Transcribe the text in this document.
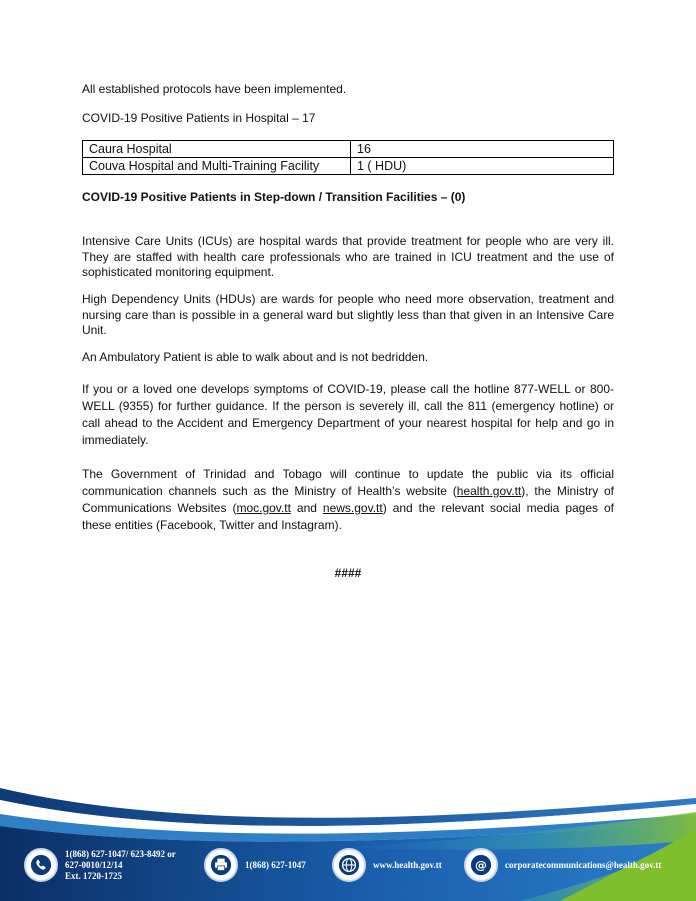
All established protocols have been implemented.

COVID-19 Positive Patients in Hospital – 17

Caura Hospital	16
Couva Hospital and Multi-Training Facility	1 ( HDU)

COVID-19 Positive Patients in Step-down / Transition Facilities – (0)

Intensive Care Units (ICUs) are hospital wards that provide treatment for people who are very ill. They are staffed with health care professionals who are trained in ICU treatment and the use of sophisticated monitoring equipment.

High Dependency Units (HDUs) are wards for people who need more observation, treatment and nursing care than is possible in a general ward but slightly less than that given in an Intensive Care Unit.

An Ambulatory Patient is able to walk about and is not bedridden.

If you or a loved one develops symptoms of COVID-19, please call the hotline 877-WELL or 800-WELL (9355) for further guidance. If the person is severely ill, call the 811 (emergency hotline) or call ahead to the Accident and Emergency Department of your nearest hospital for help and go in immediately.

The Government of Trinidad and Tobago will continue to update the public via its official communication channels such as the Ministry of Health’s website (health.gov.tt), the Ministry of Communications Websites (moc.gov.tt and news.gov.tt) and the relevant social media pages of these entities (Facebook, Twitter and Instagram).

####
1(868) 627-1047/ 623-8492 or
627-0010/12/14
Ext. 1720-1725
1(868) 627-1047	www.health.gov.tt	@ corporatecommunications@health.gov.tt
